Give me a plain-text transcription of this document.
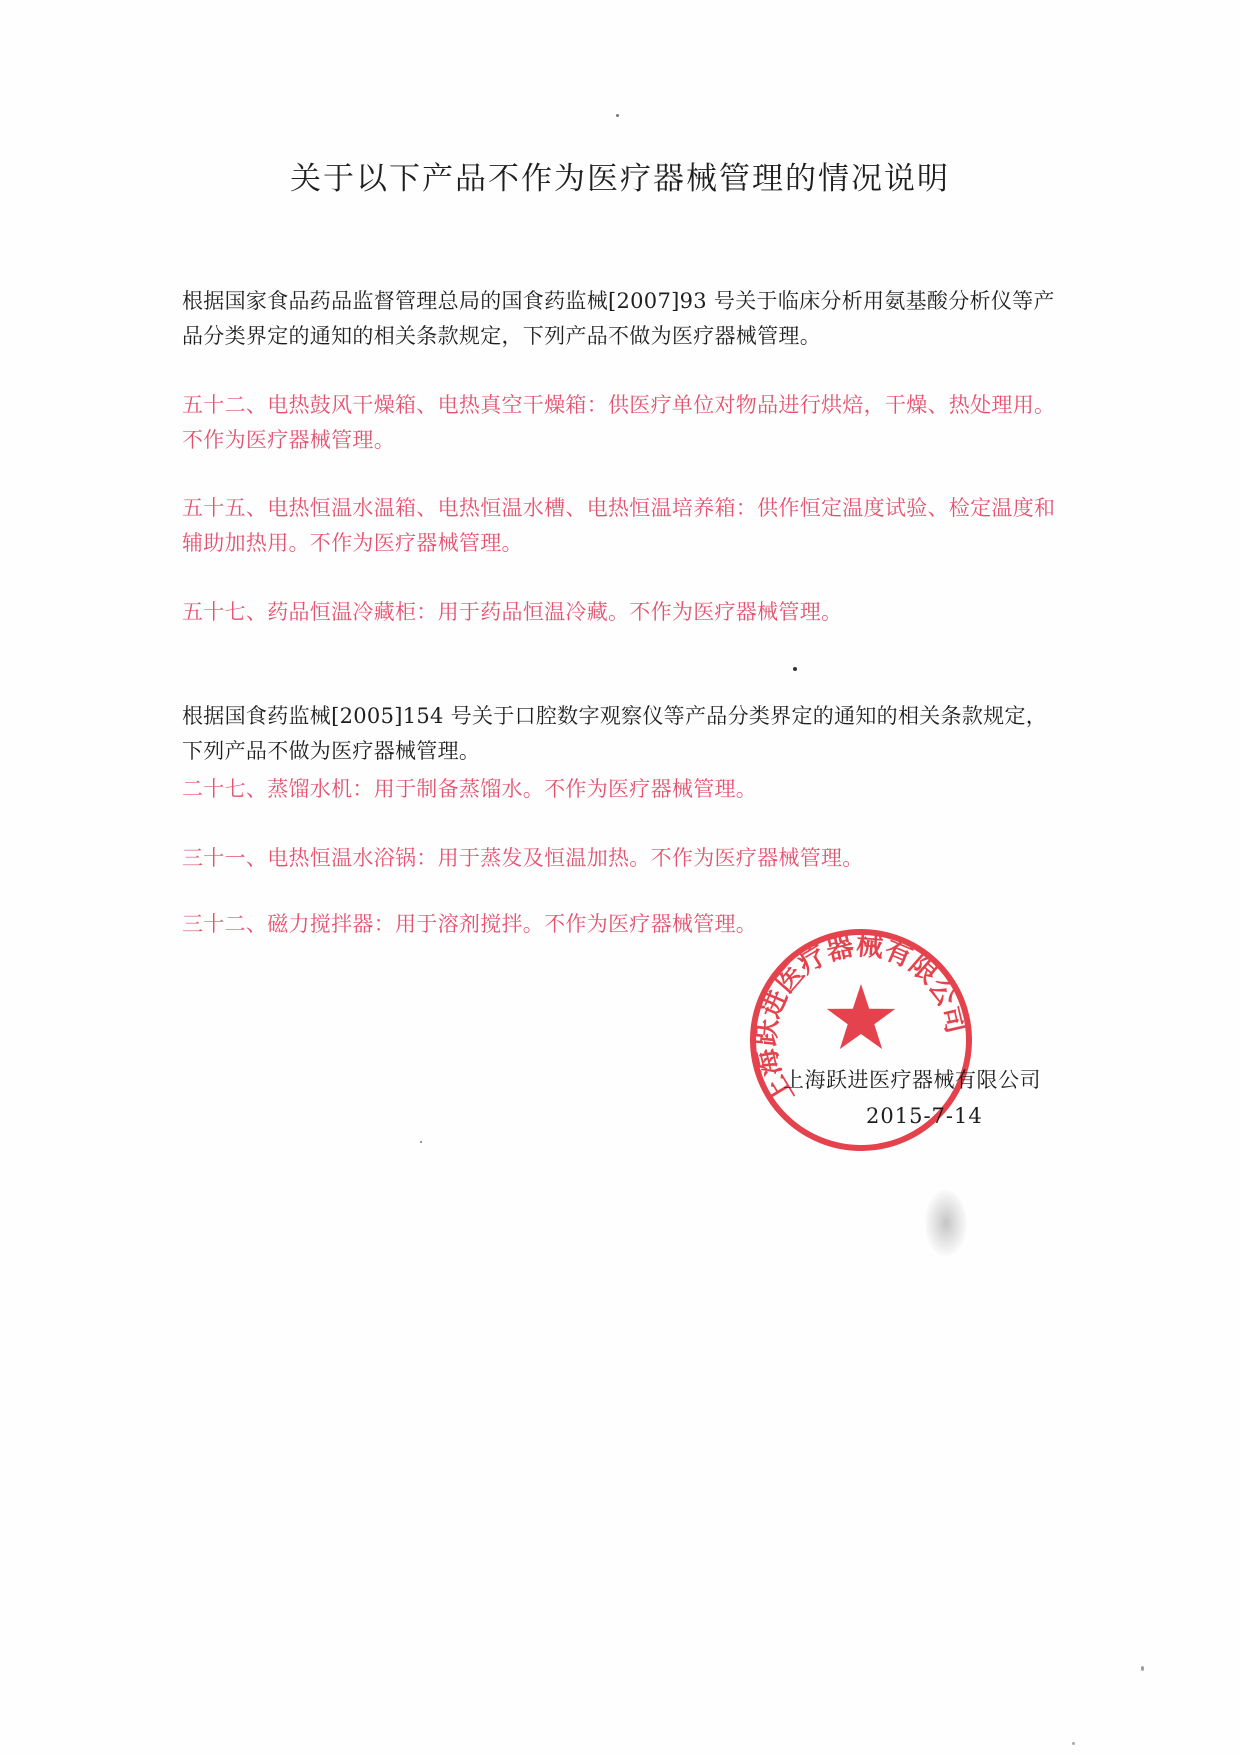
关于以下产品不作为医疗器械管理的情况说明

根据国家食品药品监督管理总局的国食药监械[2007]93 号关于临床分析用氨基酸分析仪等产品分类界定的通知的相关条款规定，下列产品不做为医疗器械管理。

五十二、电热鼓风干燥箱、电热真空干燥箱：供医疗单位对物品进行烘焙，干燥、热处理用。不作为医疗器械管理。

五十五、电热恒温水温箱、电热恒温水槽、电热恒温培养箱：供作恒定温度试验、检定温度和辅助加热用。不作为医疗器械管理。

五十七、药品恒温冷藏柜：用于药品恒温冷藏。不作为医疗器械管理。

根据国食药监械[2005]154 号关于口腔数字观察仪等产品分类界定的通知的相关条款规定，下列产品不做为医疗器械管理。

二十七、蒸馏水机：用于制备蒸馏水。不作为医疗器械管理。

三十一、电热恒温水浴锅：用于蒸发及恒温加热。不作为医疗器械管理。

三十二、磁力搅拌器：用于溶剂搅拌。不作为医疗器械管理。

上海跃进医疗器械有限公司
上海跃进医疗器械有限公司
2015-7-14
